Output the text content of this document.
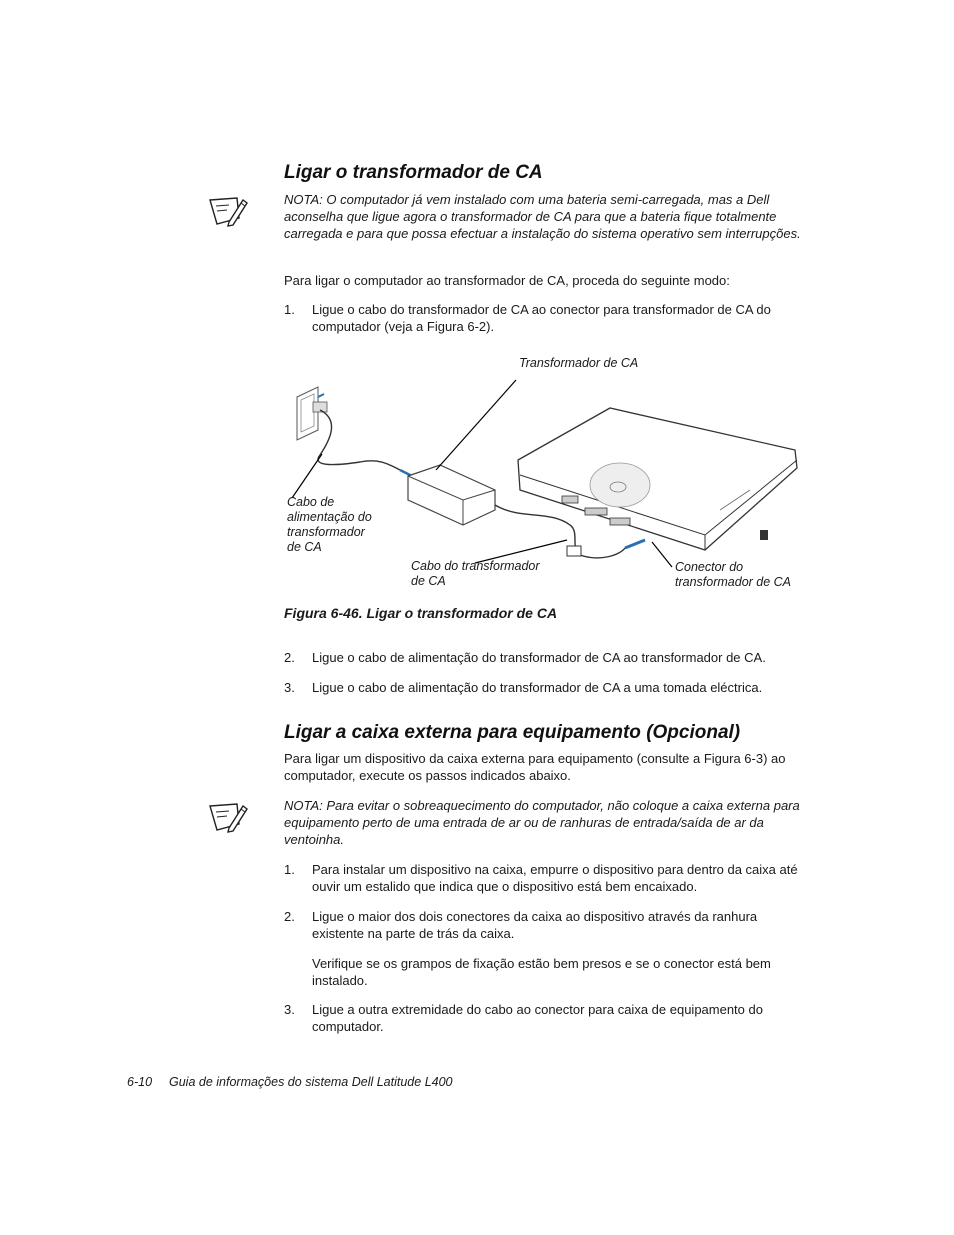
Ligar o transformador de CA
NOTA: O computador já vem instalado com uma bateria semi-carregada, mas a Dell aconselha que ligue agora o transformador de CA para que a bateria fique totalmente carregada e para que possa efectuar a instalação do sistema operativo sem interrupções.
Para ligar o computador ao transformador de CA, proceda do seguinte modo:
1. Ligue o cabo do transformador de CA ao conector para transformador de CA do computador (veja a Figura 6-2).
Transformador de CA
Cabo de alimentação do transformador de CA
Cabo do transformador de CA
Conector do transformador de CA
Figura 6-46. Ligar o transformador de CA
2. Ligue o cabo de alimentação do transformador de CA ao transformador de CA.
3. Ligue o cabo de alimentação do transformador de CA a uma tomada eléctrica.
Ligar a caixa externa para equipamento (Opcional)
Para ligar um dispositivo da caixa externa para equipamento (consulte a Figura 6-3) ao computador, execute os passos indicados abaixo.
NOTA: Para evitar o sobreaquecimento do computador, não coloque a caixa externa para equipamento perto de uma entrada de ar ou de ranhuras de entrada/saída de ar da ventoinha.
1. Para instalar um dispositivo na caixa, empurre o dispositivo para dentro da caixa até ouvir um estalido que indica que o dispositivo está bem encaixado.
2. Ligue o maior dos dois conectores da caixa ao dispositivo através da ranhura existente na parte de trás da caixa.
Verifique se os grampos de fixação estão bem presos e se o conector está bem instalado.
3. Ligue a outra extremidade do cabo ao conector para caixa de equipamento do computador.
6-10 Guia de informações do sistema Dell Latitude L400
